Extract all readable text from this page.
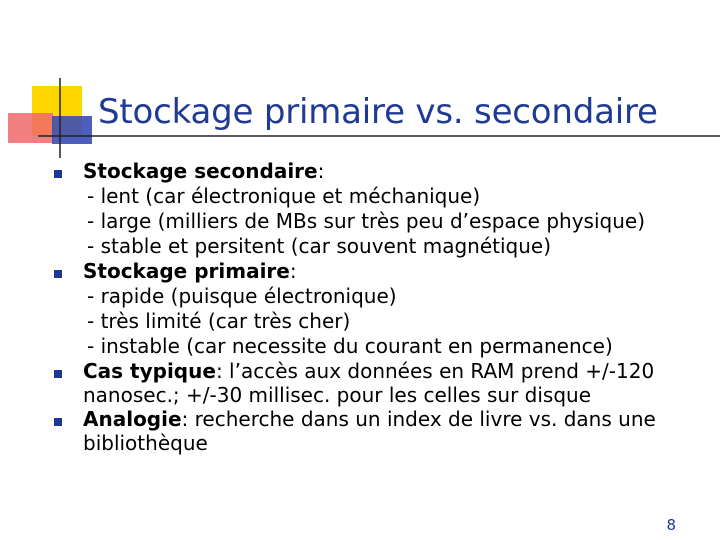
Stockage primaire vs. secondaire
Stockage secondaire:
- lent (car électronique et méchanique)
- large (milliers de MBs sur très peu d’espace physique)
- stable et persitent (car souvent magnétique)
Stockage primaire:
- rapide (puisque électronique)
- très limité (car très cher)
- instable (car necessite du courant en permanence)
Cas typique: l’accès aux données en RAM prend +/-120
nanosec.; +/-30 millisec. pour les celles sur disque
Analogie: recherche dans un index de livre vs. dans une
bibliothèque
8
